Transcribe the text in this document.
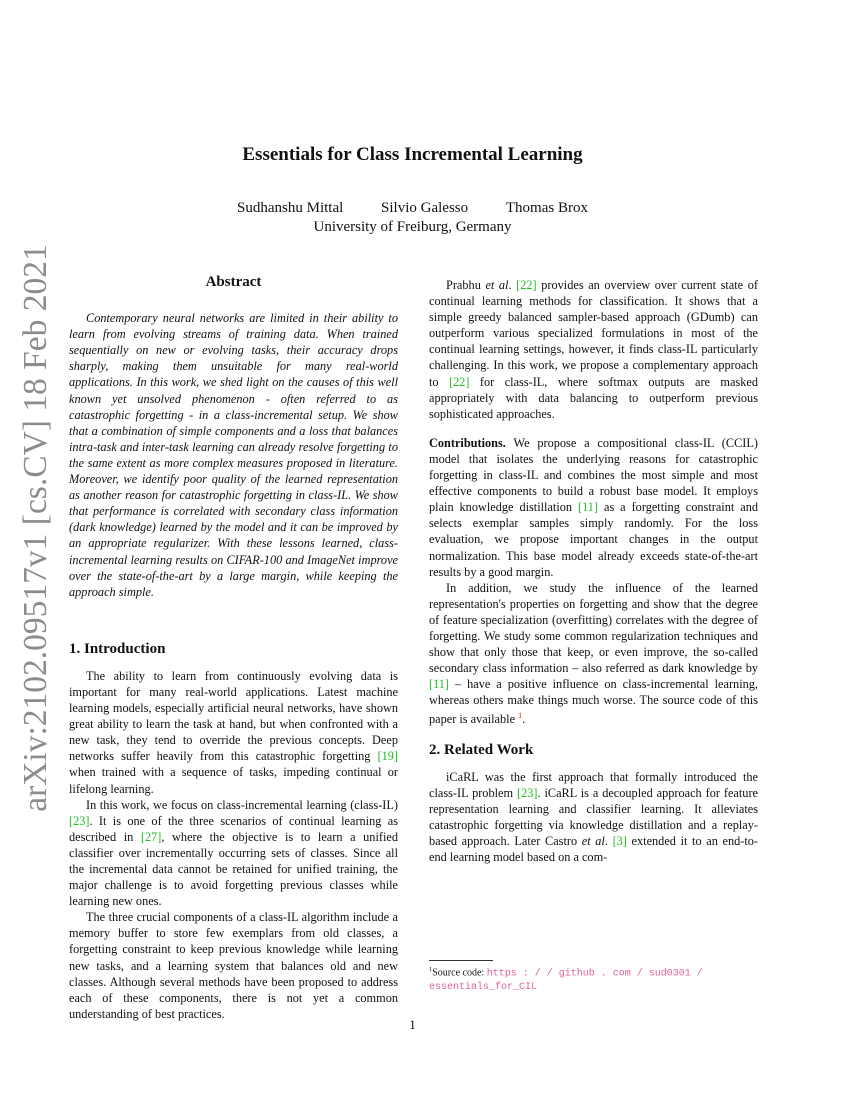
arXiv:2102.09517v1 [cs.CV] 18 Feb 2021
Essentials for Class Incremental Learning
Sudhanshu Mittal	Silvio Galesso	Thomas Brox
University of Freiburg, Germany
Abstract

Contemporary neural networks are limited in their ability to learn from evolving streams of training data. When trained sequentially on new or evolving tasks, their accuracy drops sharply, making them unsuitable for many real-world applications. In this work, we shed light on the causes of this well known yet unsolved phenomenon - often referred to as catastrophic forgetting - in a class-incremental setup. We show that a combination of simple components and a loss that balances intra-task and inter-task learning can already resolve forgetting to the same extent as more complex measures proposed in literature. Moreover, we identify poor quality of the learned representation as another reason for catastrophic forgetting in class-IL. We show that performance is correlated with secondary class information (dark knowledge) learned by the model and it can be improved by an appropriate regularizer. With these lessons learned, class-incremental learning results on CIFAR-100 and ImageNet improve over the state-of-the-art by a large margin, while keeping the approach simple.

1. Introduction

The ability to learn from continuously evolving data is important for many real-world applications. Latest machine learning models, especially artificial neural networks, have shown great ability to learn the task at hand, but when confronted with a new task, they tend to override the previous concepts. Deep networks suffer heavily from this catastrophic forgetting [19] when trained with a sequence of tasks, impeding continual or lifelong learning.

In this work, we focus on class-incremental learning (class-IL) [23]. It is one of the three scenarios of continual learning as described in [27], where the objective is to learn a unified classifier over incrementally occurring sets of classes. Since all the incremental data cannot be retained for unified training, the major challenge is to avoid forgetting previous classes while learning new ones.

The three crucial components of a class-IL algorithm include a memory buffer to store few exemplars from old classes, a forgetting constraint to keep previous knowledge while learning new tasks, and a learning system that balances old and new classes. Although several methods have been proposed to address each of these components, there is not yet a common understanding of best practices.

Prabhu et al. [22] provides an overview over current state of continual learning methods for classification. It shows that a simple greedy balanced sampler-based approach (GDumb) can outperform various specialized formulations in most of the continual learning settings, however, it finds class-IL particularly challenging. In this work, we propose a complementary approach to [22] for class-IL, where softmax outputs are masked appropriately with data balancing to outperform previous sophisticated approaches.

Contributions. We propose a compositional class-IL (CCIL) model that isolates the underlying reasons for catastrophic forgetting in class-IL and combines the most simple and most effective components to build a robust base model. It employs plain knowledge distillation [11] as a forgetting constraint and selects exemplar samples simply randomly. For the loss evaluation, we propose important changes in the output normalization. This base model already exceeds state-of-the-art results by a good margin.

In addition, we study the influence of the learned representation's properties on forgetting and show that the degree of feature specialization (overfitting) correlates with the degree of forgetting. We study some common regularization techniques and show that only those that keep, or even improve, the so-called secondary class information – also referred as dark knowledge by [11] – have a positive influence on class-incremental learning, whereas others make things much worse. The source code of this paper is available $^1$.

2. Related Work

iCaRL was the first approach that formally introduced the class-IL problem [23]. iCaRL is a decoupled approach for feature representation learning and classifier learning. It alleviates catastrophic forgetting via knowledge distillation and a replay-based approach. Later Castro et al. [3] extended it to an end-to-end learning model based on a com-

$^1$Source code: https : / / github . com / sud0301 /
essentials_for_CIL
1
